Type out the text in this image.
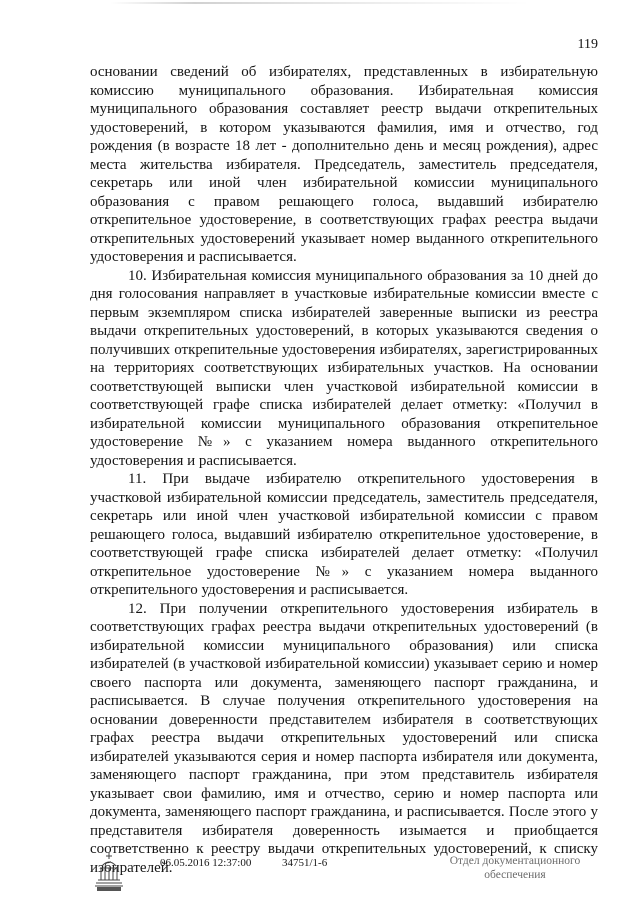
119

основании сведений об избирателях, представленных в избирательную комиссию муниципального образования. Избирательная комиссия муниципального образования составляет реестр выдачи открепительных удостоверений, в котором указываются фамилия, имя и отчество, год рождения (в возрасте 18 лет - дополнительно день и месяц рождения), адрес места жительства избирателя. Председатель, заместитель председателя, секретарь или иной член избирательной комиссии муниципального образования с правом решающего голоса, выдавший избирателю открепительное удостоверение, в соответствующих графах реестра выдачи открепительных удостоверений указывает номер выданного открепительного удостоверения и расписывается.

10. Избирательная комиссия муниципального образования за 10 дней до дня голосования направляет в участковые избирательные комиссии вместе с первым экземпляром списка избирателей заверенные выписки из реестра выдачи открепительных удостоверений, в которых указываются сведения о получивших открепительные удостоверения избирателях, зарегистрированных на территориях соответствующих избирательных участков. На основании соответствующей выписки член участковой избирательной комиссии в соответствующей графе списка избирателей делает отметку: «Получил в избирательной комиссии муниципального образования открепительное удостоверение №» с указанием номера выданного открепительного удостоверения и расписывается.

11. При выдаче избирателю открепительного удостоверения в участковой избирательной комиссии председатель, заместитель председателя, секретарь или иной член участковой избирательной комиссии с правом решающего голоса, выдавший избирателю открепительное удостоверение, в соответствующей графе списка избирателей делает отметку: «Получил открепительное удостоверение №» с указанием номера выданного открепительного удостоверения и расписывается.

12. При получении открепительного удостоверения избиратель в соответствующих графах реестра выдачи открепительных удостоверений (в избирательной комиссии муниципального образования) или списка избирателей (в участковой избирательной комиссии) указывает серию и номер своего паспорта или документа, заменяющего паспорт гражданина, и расписывается. В случае получения открепительного удостоверения на основании доверенности представителем избирателя в соответствующих графах реестра выдачи открепительных удостоверений или списка избирателей указываются серия и номер паспорта избирателя или документа, заменяющего паспорт гражданина, при этом представитель избирателя указывает свои фамилию, имя и отчество, серию и номер паспорта или документа, заменяющего паспорт гражданина, и расписывается. После этого у представителя избирателя доверенность изымается и приобщается соответственно к реестру выдачи открепительных удостоверений, к списку избирателей.

06.05.2016 12:37:00	34751/1-6	Отдел документационного
обеспечения
